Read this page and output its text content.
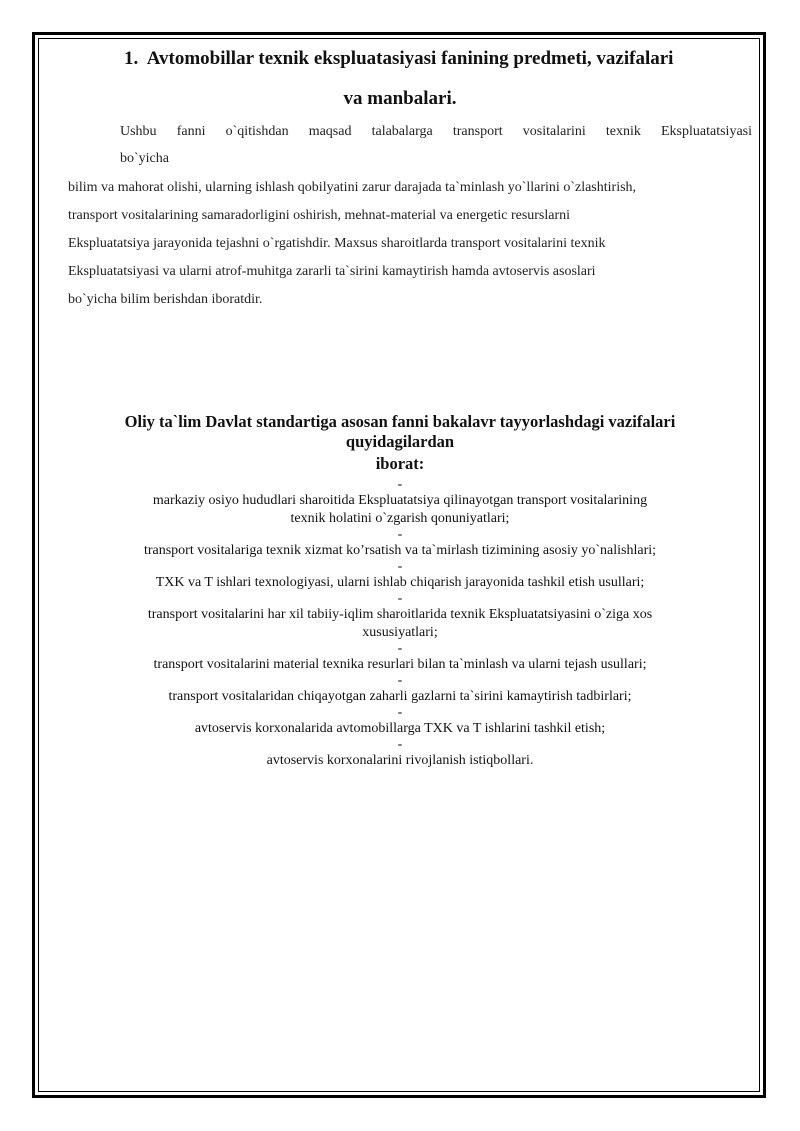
1. Avtomobillar texnik ekspluatasiyasi fanining predmeti, vazifalari
va manbalari.
Ushbu fanni o`qitishdan maqsad talabalarga transport vositalarini texnik Ekspluatatsiyasi
bo`yicha
bilim va mahorat olishi, ularning ishlash qobilyatini zarur darajada ta`minlash yo`llarini o`zlashtirish,
transport vositalarining samaradorligini oshirish, mehnat-material va energetic resurslarni
Ekspluatatsiya jarayonida tejashni o`rgatishdir. Maxsus sharoitlarda transport vositalarini texnik
Ekspluatatsiyasi va ularni atrof-muhitga zararli ta`sirini kamaytirish hamda avtoservis asoslari
bo`yicha bilim berishdan iboratdir.
Oliy ta`lim Davlat standartiga asosan fanni bakalavr tayyorlashdagi vazifalari
quyidagilardan
iborat:
-
markaziy osiyo hududlari sharoitida Ekspluatatsiya qilinayotgan transport vositalarining
texnik holatini o`zgarish qonuniyatlari;
-
transport vositalariga texnik xizmat ko’rsatish va ta`mirlash tizimining asosiy yo`nalishlari;
-
TXK va T ishlari texnologiyasi, ularni ishlab chiqarish jarayonida tashkil etish usullari;
-
transport vositalarini har xil tabiiy-iqlim sharoitlarida texnik Ekspluatatsiyasini o`ziga xos
xususiyatlari;
-
transport vositalarini material texnika resurlari bilan ta`minlash va ularni tejash usullari;
-
transport vositalaridan chiqayotgan zaharli gazlarni ta`sirini kamaytirish tadbirlari;
-
avtoservis korxonalarida avtomobillarga TXK va T ishlarini tashkil etish;
-
avtoservis korxonalarini rivojlanish istiqbollari.
